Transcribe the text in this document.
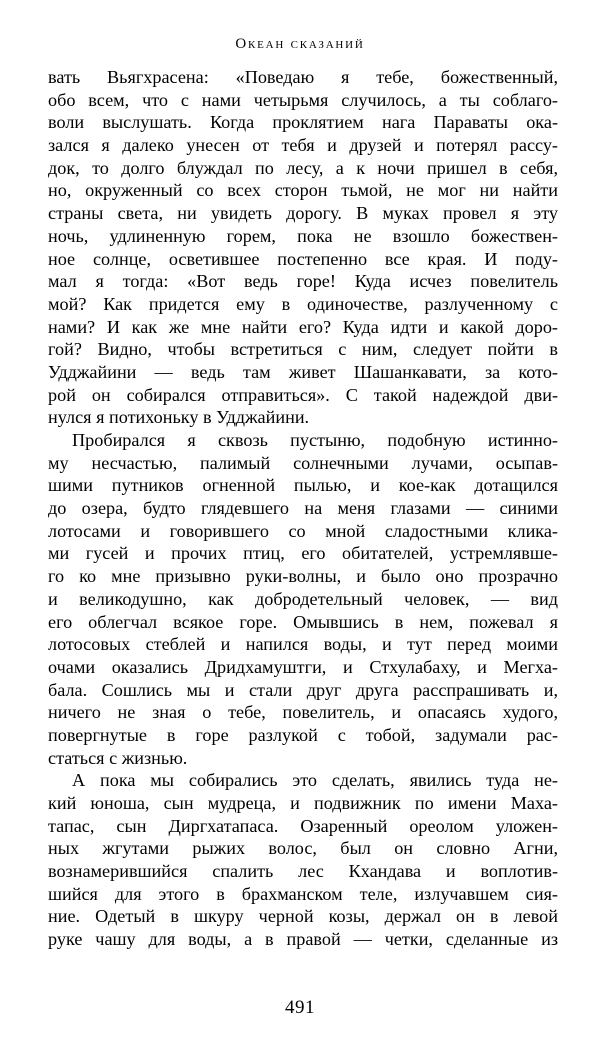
Океан сказаний
вать Вьягхрасена: «Поведаю я тебе, божественный,
обо всем, что с нами четырьмя случилось, а ты соблаго-
воли выслушать. Когда проклятием нага Параваты ока-
зался я далеко унесен от тебя и друзей и потерял рассу-
док, то долго блуждал по лесу, а к ночи пришел в себя,
но, окруженный со всех сторон тьмой, не мог ни найти
страны света, ни увидеть дорогу. В муках провел я эту
ночь, удлиненную горем, пока не взошло божествен-
ное солнце, осветившее постепенно все края. И поду-
мал я тогда: «Вот ведь горе! Куда исчез повелитель
мой? Как придется ему в одиночестве, разлученному с
нами? И как же мне найти его? Куда идти и какой доро-
гой? Видно, чтобы встретиться с ним, следует пойти в
Удджайини — ведь там живет Шашанкавати, за кото-
рой он собирался отправиться». С такой надеждой дви-
нулся я потихоньку в Удджайини.
Пробирался я сквозь пустыню, подобную истинно-
му несчастью, палимый солнечными лучами, осыпав-
шими путников огненной пылью, и кое-как дотащился
до озера, будто глядевшего на меня глазами — синими
лотосами и говорившего со мной сладостными клика-
ми гусей и прочих птиц, его обитателей, устремлявше-
го ко мне призывно руки-волны, и было оно прозрачно
и великодушно, как добродетельный человек, — вид
его облегчал всякое горе. Омывшись в нем, пожевал я
лотосовых стеблей и напился воды, и тут перед моими
очами оказались Дридхамуштги, и Стхулабаху, и Мегха-
бала. Сошлись мы и стали друг друга расспрашивать и,
ничего не зная о тебе, повелитель, и опасаясь худого,
повергнутые в горе разлукой с тобой, задумали рас-
статься с жизнью.
А пока мы собирались это сделать, явились туда не-
кий юноша, сын мудреца, и подвижник по имени Маха-
тапас, сын Диргхатапаса. Озаренный ореолом уложен-
ных жгутами рыжих волос, был он словно Агни,
вознамерившийся спалить лес Кхандава и воплотив-
шийся для этого в брахманском теле, излучавшем сия-
ние. Одетый в шкуру черной козы, держал он в левой
руке чашу для воды, а в правой — четки, сделанные из
491
